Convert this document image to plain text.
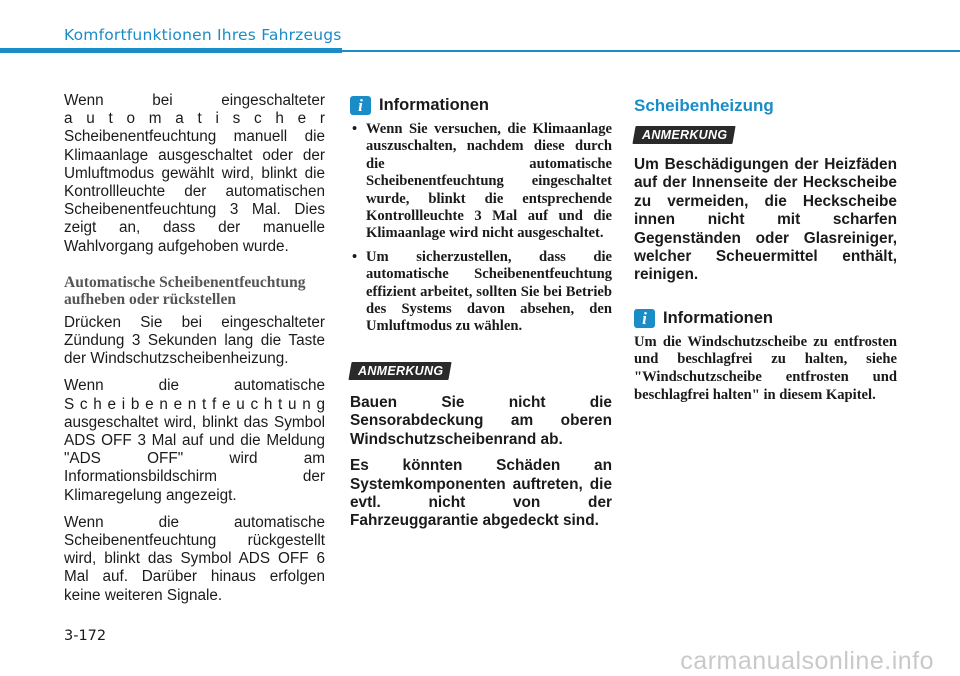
Komfortfunktionen Ihres Fahrzeugs

Wenn bei eingeschalteter

a u t o m a t i s c h e r

Scheibenentfeuchtung manuell die Klimaanlage ausgeschaltet oder der Umluftmodus gewählt wird, blinkt die Kontrollleuchte der automatischen Scheibenentfeuchtung 3 Mal. Dies zeigt an, dass der manuelle Wahlvorgang aufgehoben wurde.

Automatische Scheibenentfeuchtung aufheben oder rückstellen

Drücken Sie bei eingeschalteter Zündung 3 Sekunden lang die Taste der Windschutzscheibenheizung.

Wenn die automatische

S c h e i b e n e n t f e u c h t u n g

ausgeschaltet wird, blinkt das Symbol ADS OFF 3 Mal auf und die Meldung "ADS OFF" wird am Informationsbildschirm der Klimaregelung angezeigt.

Wenn die automatische Scheibenentfeuchtung rückgestellt wird, blinkt das Symbol ADS OFF 6 Mal auf. Darüber hinaus erfolgen keine weiteren Signale.

i Informationen
• Wenn Sie versuchen, die Klimaanlage auszuschalten, nachdem diese durch die automatische Scheibenentfeuchtung eingeschaltet wurde, blinkt die entsprechende Kontrollleuchte 3 Mal auf und die Klimaanlage wird nicht ausgeschaltet.
• Um sicherzustellen, dass die automatische Scheibenentfeuchtung effizient arbeitet, sollten Sie bei Betrieb des Systems davon absehen, den Umluftmodus zu wählen.
ANMERKUNG

Bauen Sie nicht die Sensorabdeckung am oberen Windschutzscheibenrand ab.

Es könnten Schäden an Systemkomponenten auftreten, die evtl. nicht von der Fahrzeuggarantie abgedeckt sind.

Scheibenheizung
ANMERKUNG

Um Beschädigungen der Heizfäden auf der Innenseite der Heckscheibe zu vermeiden, die Heckscheibe innen nicht mit scharfen Gegenständen oder Glasreiniger, welcher Scheuermittel enthält, reinigen.

i Informationen

Um die Windschutzscheibe zu entfrosten und beschlagfrei zu halten, siehe "Windschutzscheibe entfrosten und beschlagfrei halten" in diesem Kapitel.

3-172
carmanualsonline.info
